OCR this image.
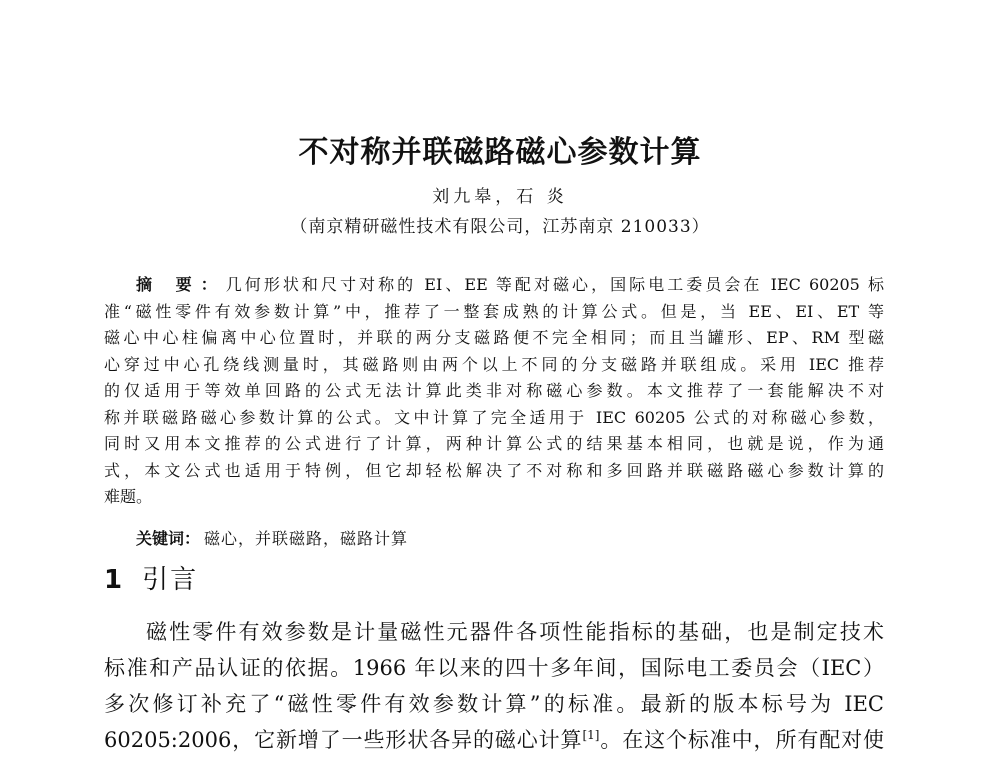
不对称并联磁路磁心参数计算
刘九皋，石 炎
（南京精研磁性技术有限公司，江苏南京 210033）
摘 要：几何形状和尺寸对称的 EI、EE 等配对磁心，国际电工委员会在 IEC 60205 标
准“磁性零件有效参数计算”中，推荐了一整套成熟的计算公式。但是，当 EE、EI、ET 等
磁心中心柱偏离中心位置时，并联的两分支磁路便不完全相同；而且当罐形、EP、RM 型磁
心穿过中心孔绕线测量时，其磁路则由两个以上不同的分支磁路并联组成。采用 IEC 推荐
的仅适用于等效单回路的公式无法计算此类非对称磁心参数。本文推荐了一套能解决不对
称并联磁路磁心参数计算的公式。文中计算了完全适用于 IEC 60205 公式的对称磁心参数，
同时又用本文推荐的公式进行了计算，两种计算公式的结果基本相同，也就是说，作为通
式，本文公式也适用于特例，但它却轻松解决了不对称和多回路并联磁路磁心参数计算的
难题。
关键词： 磁心，并联磁路，磁路计算
1 引言
磁性零件有效参数是计量磁性元器件各项性能指标的基础，也是制定技术
标准和产品认证的依据。1966 年以来的四十多年间，国际电工委员会（IEC）
多次修订补充了“磁性零件有效参数计算”的标准。最新的版本标号为 IEC
60205:2006，它新增了一些形状各异的磁心计算[1]。在这个标准中，所有配对使
